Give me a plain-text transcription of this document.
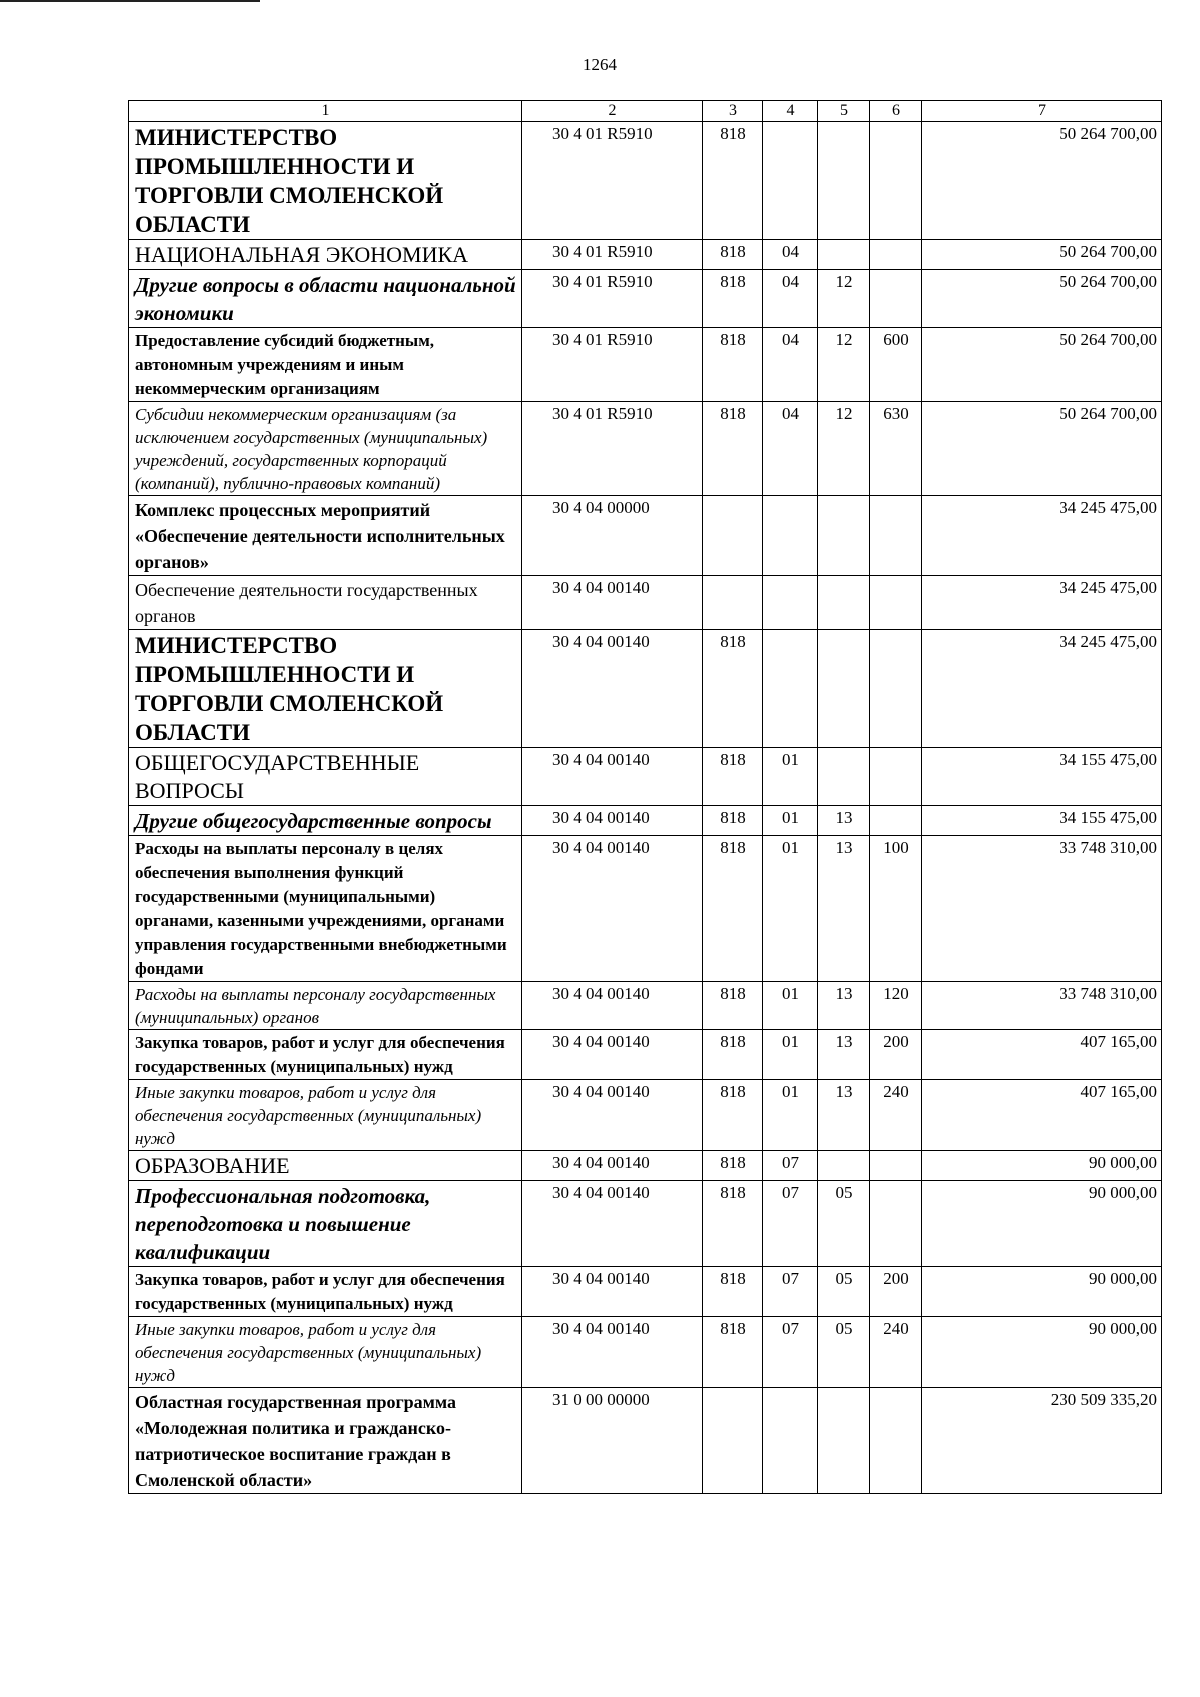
1264
1	2	3	4	5	6	7
МИНИСТЕРСТВО ПРОМЫШЛЕННОСТИ И ТОРГОВЛИ СМОЛЕНСКОЙ ОБЛАСТИ	30 4 01 R5910	818				50 264 700,00
НАЦИОНАЛЬНАЯ ЭКОНОМИКА	30 4 01 R5910	818	04			50 264 700,00
Другие вопросы в области национальной экономики	30 4 01 R5910	818	04	12		50 264 700,00
Предоставление субсидий бюджетным, автономным учреждениям и иным некоммерческим организациям	30 4 01 R5910	818	04	12	600	50 264 700,00
Субсидии некоммерческим организациям (за исключением государственных (муниципальных) учреждений, государственных корпораций (компаний), публично-правовых компаний)	30 4 01 R5910	818	04	12	630	50 264 700,00
Комплекс процессных мероприятий «Обеспечение деятельности исполнительных органов»	30 4 04 00000					34 245 475,00
Обеспечение деятельности государственных органов	30 4 04 00140					34 245 475,00
МИНИСТЕРСТВО ПРОМЫШЛЕННОСТИ И ТОРГОВЛИ СМОЛЕНСКОЙ ОБЛАСТИ	30 4 04 00140	818				34 245 475,00
ОБЩЕГОСУДАРСТВЕННЫЕ ВОПРОСЫ	30 4 04 00140	818	01			34 155 475,00
Другие общегосударственные вопросы	30 4 04 00140	818	01	13		34 155 475,00
Расходы на выплаты персоналу в целях обеспечения выполнения функций государственными (муниципальными) органами, казенными учреждениями, органами управления государственными внебюджетными фондами	30 4 04 00140	818	01	13	100	33 748 310,00
Расходы на выплаты персоналу государственных (муниципальных) органов	30 4 04 00140	818	01	13	120	33 748 310,00
Закупка товаров, работ и услуг для обеспечения государственных (муниципальных) нужд	30 4 04 00140	818	01	13	200	407 165,00
Иные закупки товаров, работ и услуг для обеспечения государственных (муниципальных) нужд	30 4 04 00140	818	01	13	240	407 165,00
ОБРАЗОВАНИЕ	30 4 04 00140	818	07			90 000,00
Профессиональная подготовка, переподготовка и повышение квалификации	30 4 04 00140	818	07	05		90 000,00
Закупка товаров, работ и услуг для обеспечения государственных (муниципальных) нужд	30 4 04 00140	818	07	05	200	90 000,00
Иные закупки товаров, работ и услуг для обеспечения государственных (муниципальных) нужд	30 4 04 00140	818	07	05	240	90 000,00
Областная государственная программа «Молодежная политика и гражданско-патриотическое воспитание граждан в Смоленской области»	31 0 00 00000					230 509 335,20
